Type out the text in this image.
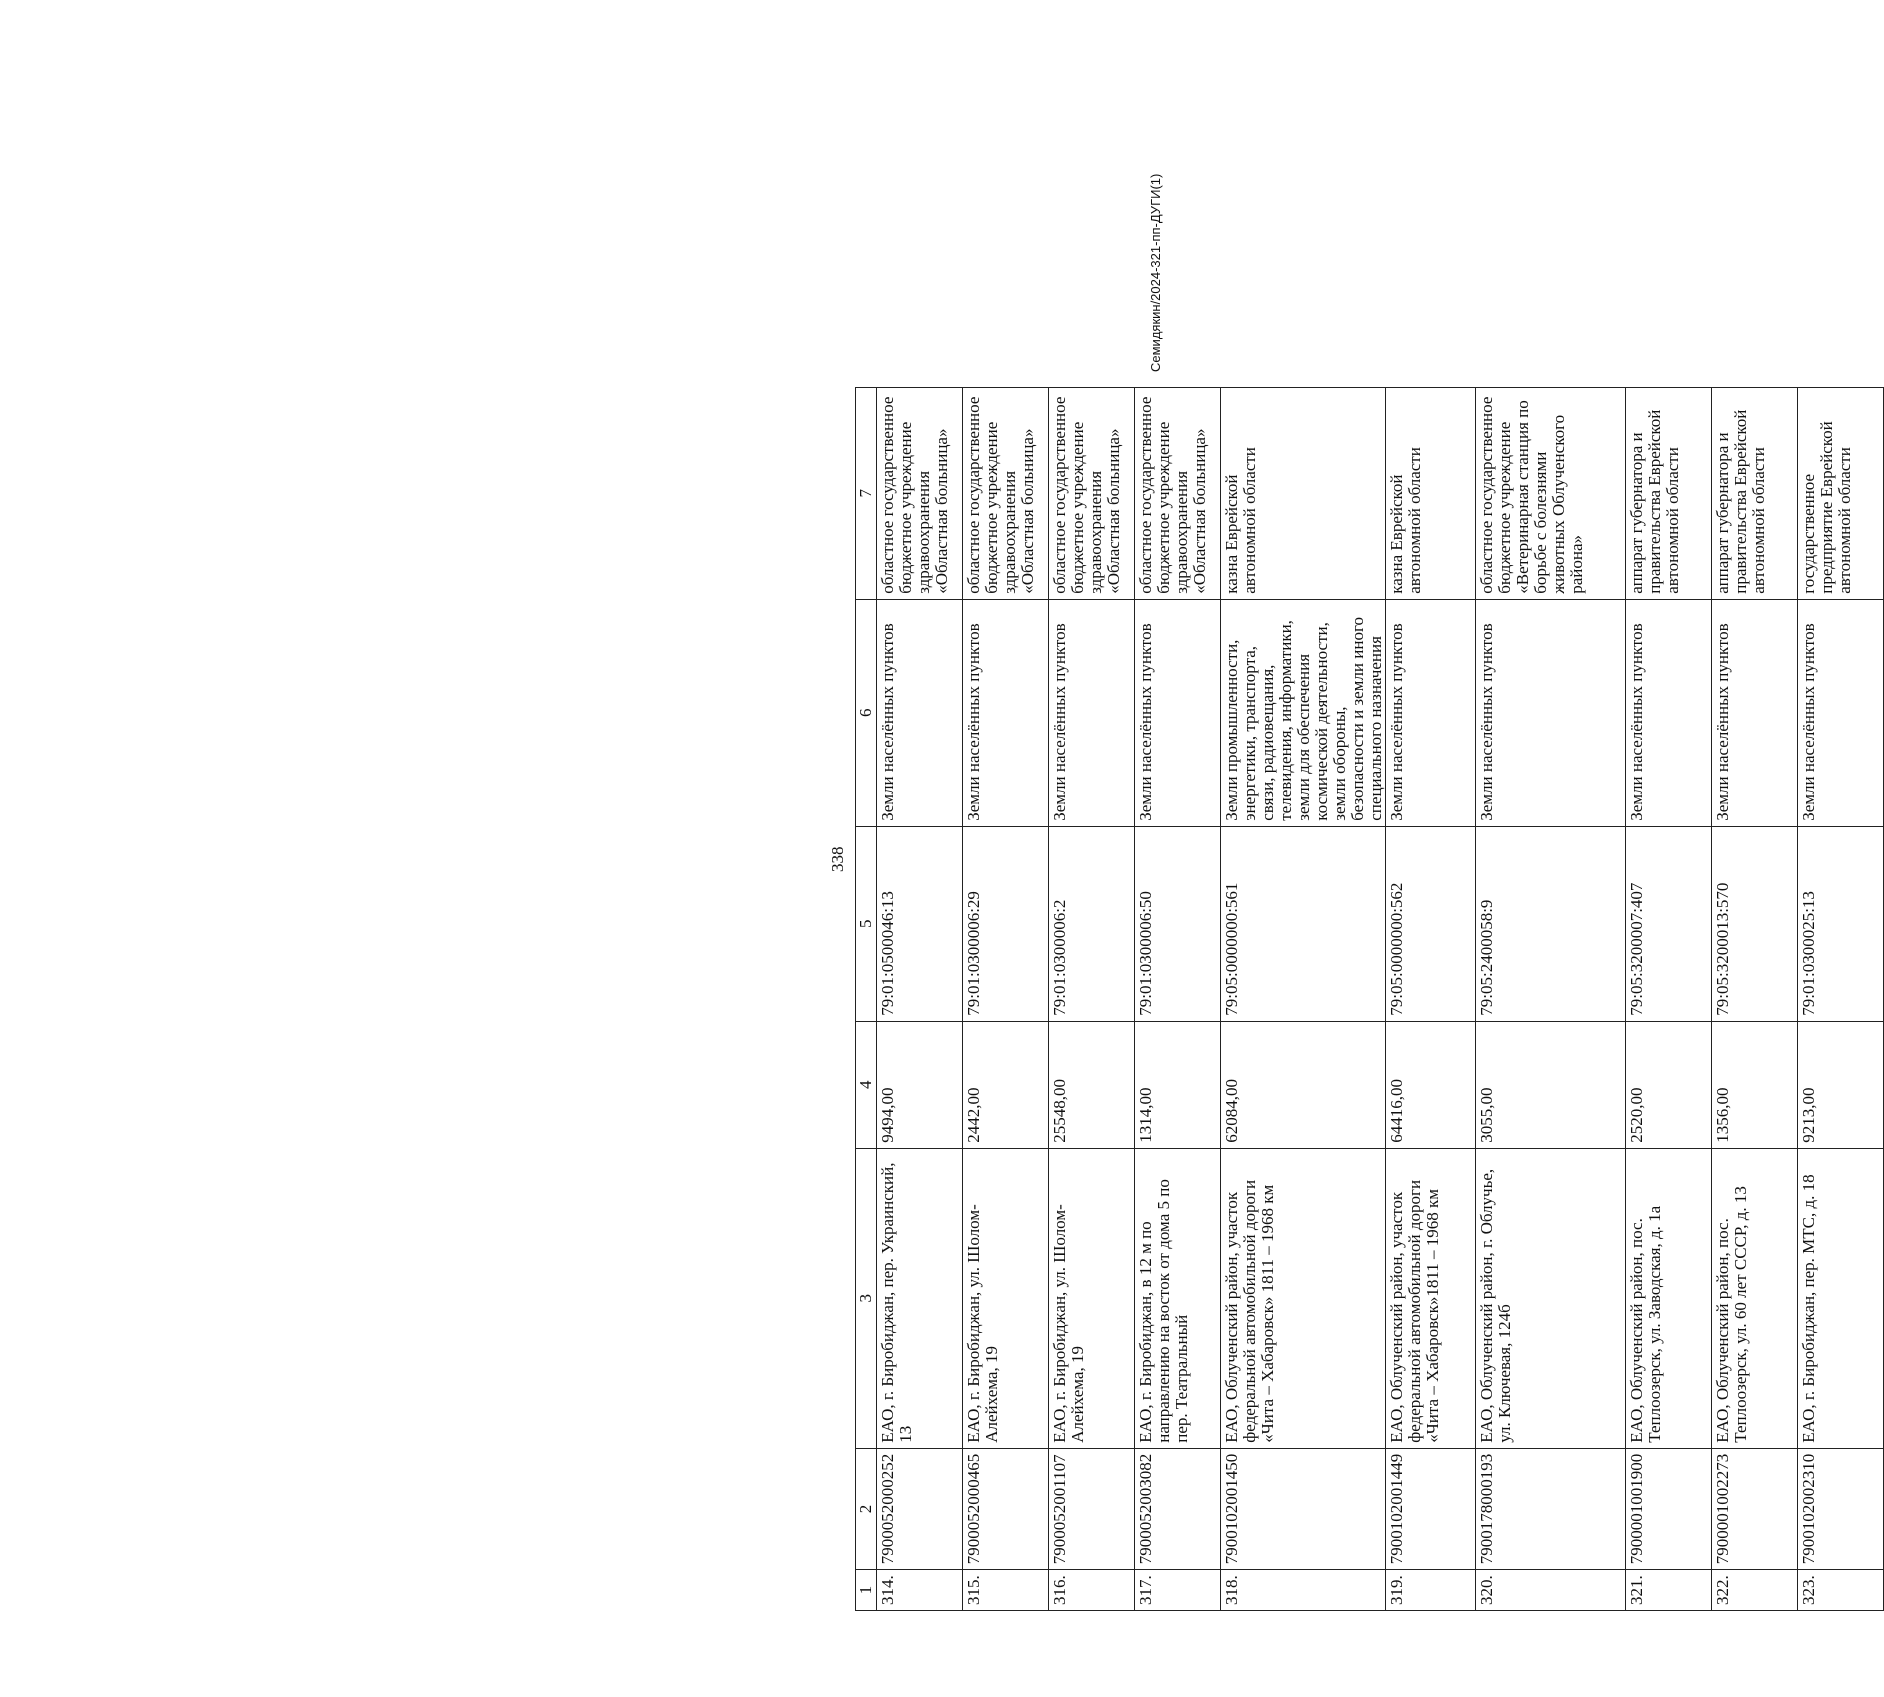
338
1	2	3	4	5	6	7
314.	7900052000252	ЕАО, г. Биробиджан, пер. Украинский, 13	9494,00	79:01:0500046:13	Земли населённых пунктов	областное государственное бюджетное учреждение здравоохранения «Областная больница»
315.	7900052000465	ЕАО, г. Биробиджан, ул. Шолом-Алейхема, 19	2442,00	79:01:0300006:29	Земли населённых пунктов	областное государственное бюджетное учреждение здравоохранения «Областная больница»
316.	7900052001107	ЕАО, г. Биробиджан, ул. Шолом-Алейхема, 19	25548,00	79:01:0300006:2	Земли населённых пунктов	областное государственное бюджетное учреждение здравоохранения «Областная больница»
317.	7900052003082	ЕАО, г. Биробиджан, в 12 м по направлению на восток от дома 5 по пер. Театральный	1314,00	79:01:0300006:50	Земли населённых пунктов	областное государственное бюджетное учреждение здравоохранения «Областная больница»
318.	7900102001450	ЕАО, Облученский район, участок федеральной автомобильной дороги «Чита – Хабаровск» 1811 – 1968 км	62084,00	79:05:0000000:561	Земли промышленности, энергетики, транспорта, связи, радиовещания, телевидения, информатики, земли для обеспечения космической деятельности, земли обороны, безопасности и земли иного специального назначения	казна Еврейской автономной области
319.	7900102001449	ЕАО, Облученский район, участок федеральной автомобильной дороги «Чита – Хабаровск»1811 – 1968 км	64416,00	79:05:0000000:562	Земли населённых пунктов	казна Еврейской автономной области
320.	7900178000193	ЕАО, Облученский район, г. Облучье, ул. Ключевая, 124б	3055,00	79:05:2400058:9	Земли населённых пунктов	областное государственное бюджетное учреждение «Ветеринарная станция по борьбе с болезнями животных Облученского района»
321.	7900001001900	ЕАО, Облученский район, пос. Теплоозерск, ул. Заводская, д. 1а	2520,00	79:05:3200007:407	Земли населённых пунктов	аппарат губернатора и правительства Еврейской автономной области
322.	7900001002273	ЕАО, Облученский район, пос. Теплоозерск, ул. 60 лет СССР, д. 13	1356,00	79:05:3200013:570	Земли населённых пунктов	аппарат губернатора и правительства Еврейской автономной области
323.	7900102002310	ЕАО, г. Биробиджан, пер. МТС, д. 18	9213,00	79:01:0300025:13	Земли населённых пунктов	государственное предприятие Еврейской автономной области
Семидякин/2024-321-пп-ДУГИ(1)
